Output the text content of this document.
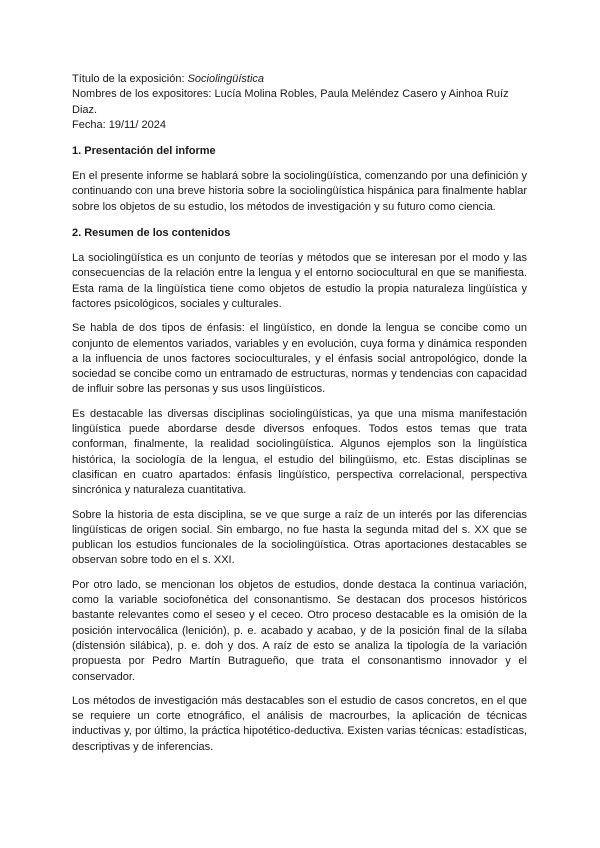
Título de la exposición: Sociolingüística

Nombres de los expositores: Lucía Molina Robles, Paula Meléndez Casero y Ainhoa Ruíz Diaz.

Fecha: 19/11/ 2024

1. Presentación del informe

En el presente informe se hablará sobre la sociolingüística, comenzando por una definición y continuando con una breve historia sobre la sociolingüística hispánica para finalmente hablar sobre los objetos de su estudio, los métodos de investigación y su futuro como ciencia.

2. Resumen de los contenidos

La sociolingüística es un conjunto de teorías y métodos que se interesan por el modo y las consecuencias de la relación entre la lengua y el entorno sociocultural en que se manifiesta. Esta rama de la lingüística tiene como objetos de estudio la propia naturaleza lingüística y factores psicológicos, sociales y culturales.

Se habla de dos tipos de énfasis: el lingüístico, en donde la lengua se concibe como un conjunto de elementos variados, variables y en evolución, cuya forma y dinámica responden a la influencia de unos factores socioculturales, y el énfasis social antropológico, donde la sociedad se concibe como un entramado de estructuras, normas y tendencias con capacidad de influir sobre las personas y sus usos lingüísticos.

Es destacable las diversas disciplinas sociolingüísticas, ya que una misma manifestación lingüística puede abordarse desde diversos enfoques. Todos estos temas que trata conforman, finalmente, la realidad sociolingüística. Algunos ejemplos son la lingüística histórica, la sociología de la lengua, el estudio del bilingüismo, etc. Estas disciplinas se clasifican en cuatro apartados: énfasis lingüístico, perspectiva correlacional, perspectiva sincrónica y naturaleza cuantitativa.

Sobre la historia de esta disciplina, se ve que surge a raíz de un interés por las diferencias lingüísticas de origen social. Sin embargo, no fue hasta la segunda mitad del s. XX que se publican los estudios funcionales de la sociolingüística. Otras aportaciones destacables se observan sobre todo en el s. XXI.

Por otro lado, se mencionan los objetos de estudios, donde destaca la continua variación, como la variable sociofonética del consonantismo. Se destacan dos procesos históricos bastante relevantes como el seseo y el ceceo. Otro proceso destacable es la omisión de la posición intervocálica (lenición), p. e. acabado y acabao, y de la posición final de la sílaba (distensión silábica), p. e. doh y dos. A raíz de esto se analiza la tipología de la variación propuesta por Pedro Martín Butragueño, que trata el consonantismo innovador y el conservador.

Los métodos de investigación más destacables son el estudio de casos concretos, en el que se requiere un corte etnográfico, el análisis de macrourbes, la aplicación de técnicas inductivas y, por último, la práctica hipotético-deductiva. Existen varias técnicas: estadísticas, descriptivas y de inferencias.
